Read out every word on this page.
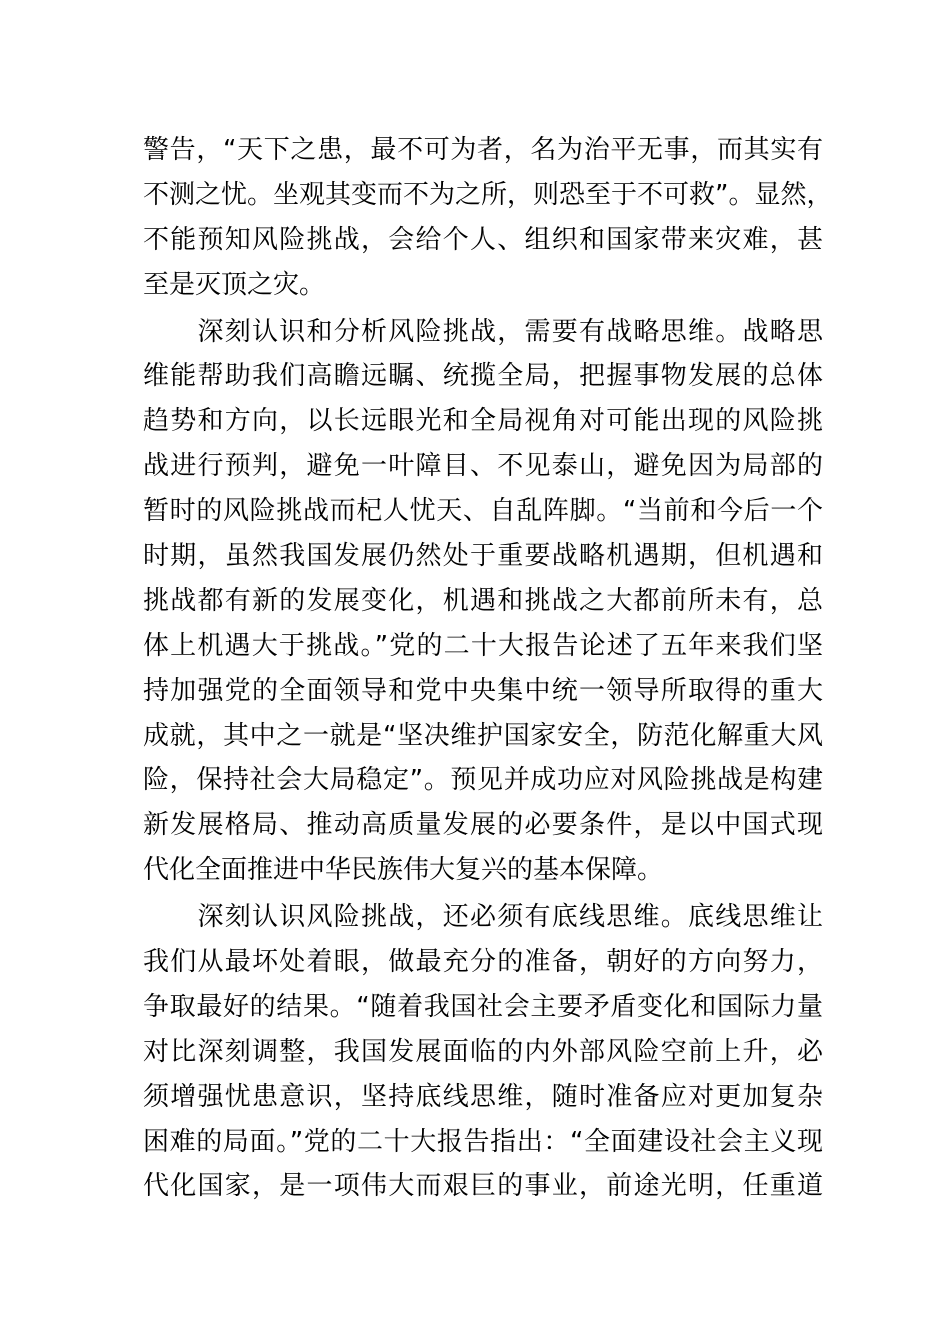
警告，“天下之患，最不可为者，名为治平无事，而其实有
不测之忧。坐观其变而不为之所，则恐至于不可救”。显然，
不能预知风险挑战，会给个人、组织和国家带来灾难，甚
至是灭顶之灾。
　　深刻认识和分析风险挑战，需要有战略思维。战略思
维能帮助我们高瞻远瞩、统揽全局，把握事物发展的总体
趋势和方向，以长远眼光和全局视角对可能出现的风险挑
战进行预判，避免一叶障目、不见泰山，避免因为局部的
暂时的风险挑战而杞人忧天、自乱阵脚。“当前和今后一个
时期，虽然我国发展仍然处于重要战略机遇期，但机遇和
挑战都有新的发展变化，机遇和挑战之大都前所未有，总
体上机遇大于挑战。”党的二十大报告论述了五年来我们坚
持加强党的全面领导和党中央集中统一领导所取得的重大
成就，其中之一就是“坚决维护国家安全，防范化解重大风
险，保持社会大局稳定”。预见并成功应对风险挑战是构建
新发展格局、推动高质量发展的必要条件，是以中国式现
代化全面推进中华民族伟大复兴的基本保障。
　　深刻认识风险挑战，还必须有底线思维。底线思维让
我们从最坏处着眼，做最充分的准备，朝好的方向努力，
争取最好的结果。“随着我国社会主要矛盾变化和国际力量
对比深刻调整，我国发展面临的内外部风险空前上升，必
须增强忧患意识，坚持底线思维，随时准备应对更加复杂
困难的局面。”党的二十大报告指出：“全面建设社会主义现
代化国家，是一项伟大而艰巨的事业，前途光明，任重道
